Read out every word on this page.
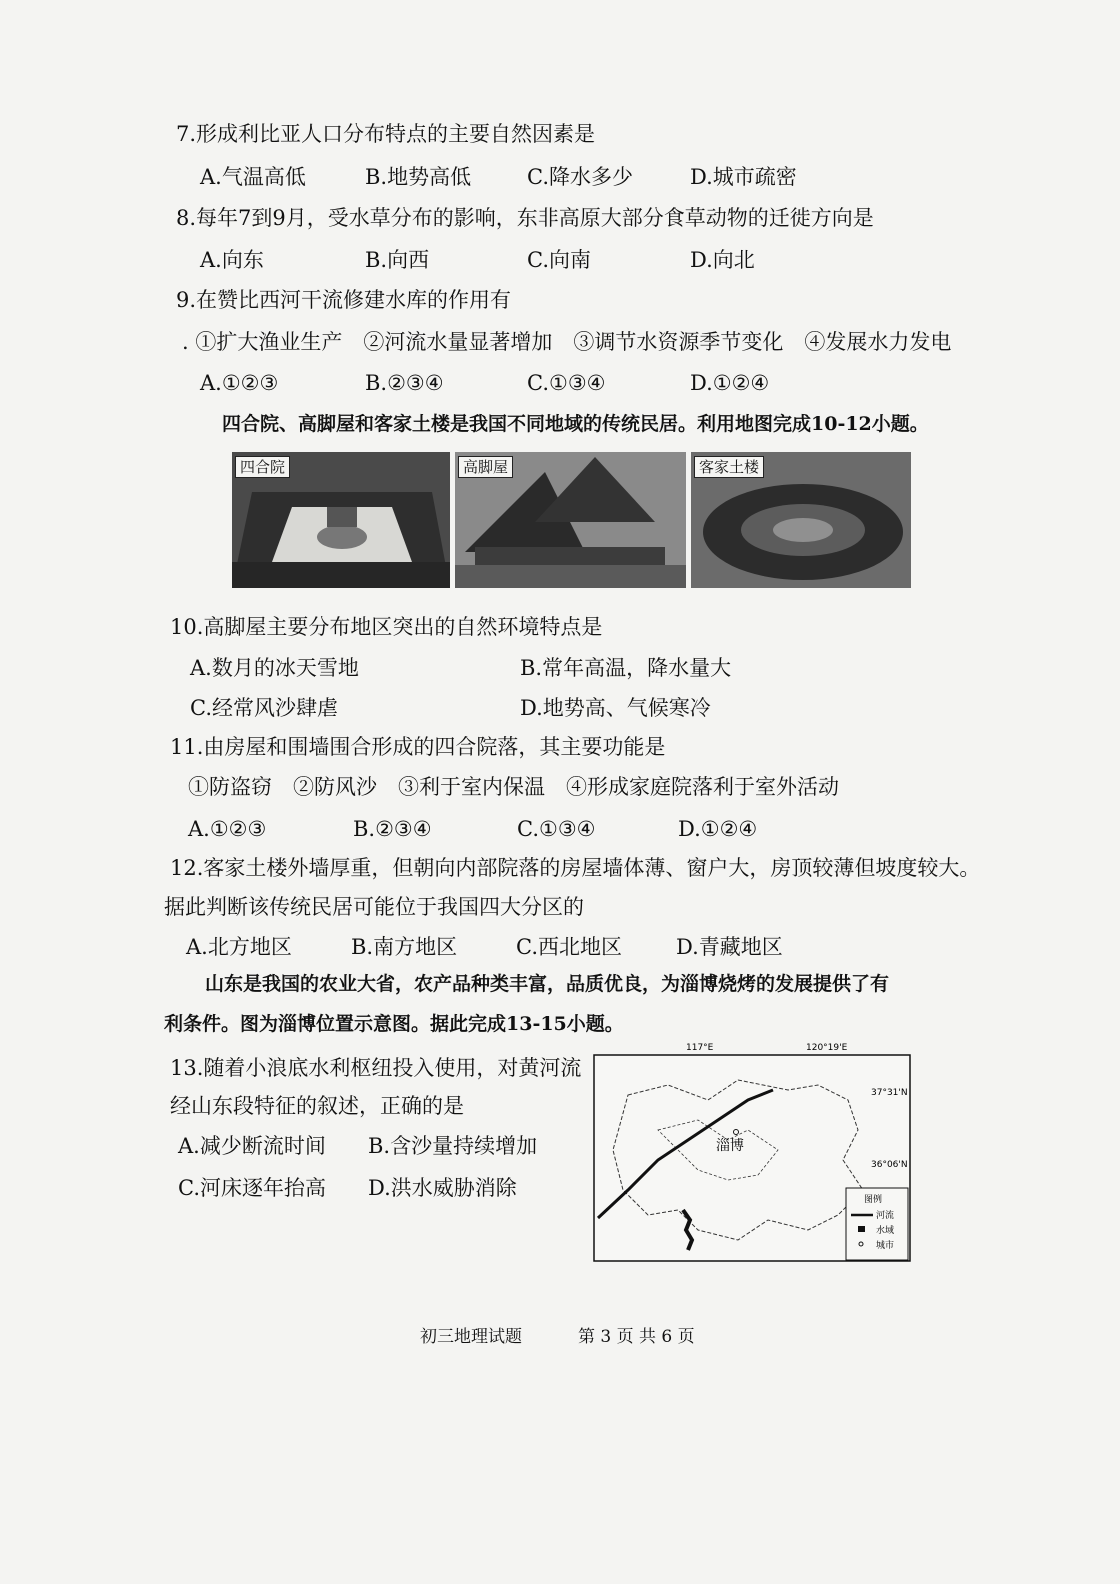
7.形成利比亚人口分布特点的主要自然因素是
A.气温高低	B.地势高低	C.降水多少	D.城市疏密
8.每年7到9月，受水草分布的影响，东非高原大部分食草动物的迁徙方向是
A.向东	B.向西	C.向南	D.向北
9.在赞比西河干流修建水库的作用有
. ①扩大渔业生产　②河流水量显著增加　③调节水资源季节变化　④发展水力发电
A.①②③	B.②③④	C.①③④	D.①②④
四合院、高脚屋和客家土楼是我国不同地域的传统民居。利用地图完成10-12小题。
四合院	高脚屋	客家土楼
10.高脚屋主要分布地区突出的自然环境特点是
A.数月的冰天雪地	B.常年高温，降水量大
C.经常风沙肆虐	D.地势高、气候寒冷
11.由房屋和围墙围合形成的四合院落，其主要功能是
①防盗窃　②防风沙　③利于室内保温　④形成家庭院落利于室外活动
A.①②③	B.②③④	C.①③④	D.①②④
12.客家土楼外墙厚重，但朝向内部院落的房屋墙体薄、窗户大，房顶较薄但坡度较大。
据此判断该传统民居可能位于我国四大分区的
A.北方地区	B.南方地区	C.西北地区	D.青藏地区
山东是我国的农业大省，农产品种类丰富，品质优良，为淄博烧烤的发展提供了有
利条件。图为淄博位置示意图。据此完成13-15小题。
13.随着小浪底水利枢纽投入使用，对黄河流
经山东段特征的叙述，正确的是
A.减少断流时间 B.含沙量持续增加
C.河床逐年抬高 D.洪水威胁消除
117°E	120°19'E
37°31'N
36°06'N
淄博
图例
河流
水域
城市
初三地理试题	第 3 页 共 6 页
